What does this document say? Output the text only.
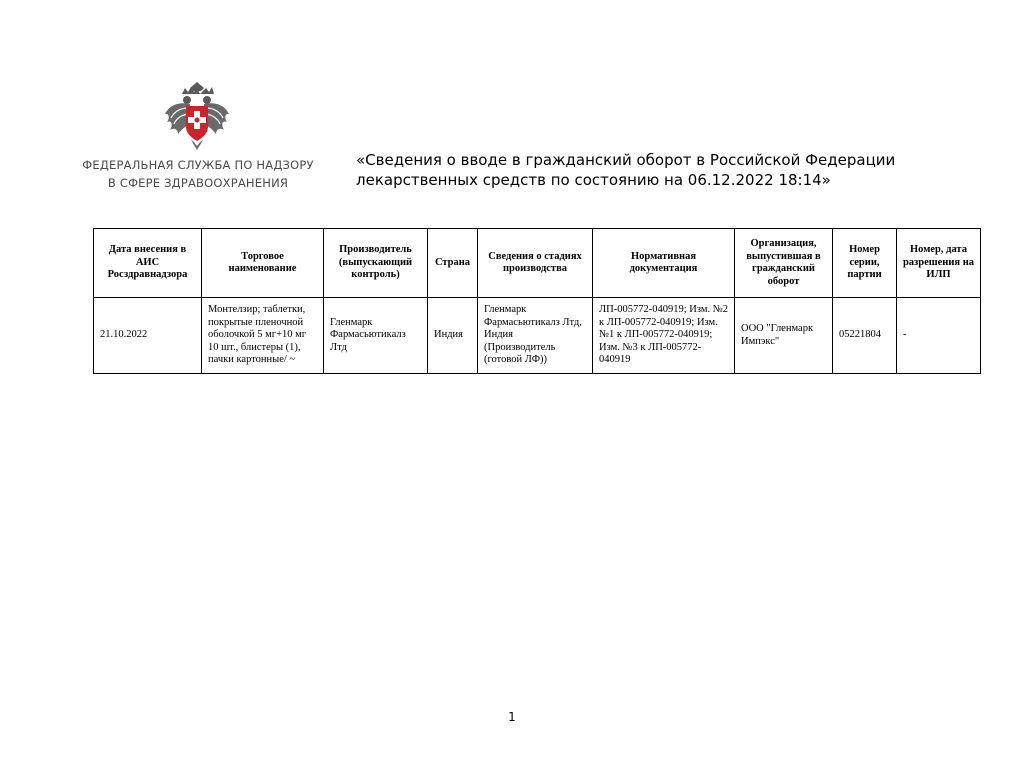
ФЕДЕРАЛЬНАЯ СЛУЖБА ПО НАДЗОРУ
В СФЕРЕ ЗДРАВООХРАНЕНИЯ
«Сведения о вводе в гражданский оборот в Российской Федерации
лекарственных средств по состоянию на 06.12.2022 18:14»
Дата внесения в АИС Росздравнадзора	Торговое наименование	Производитель (выпускающий контроль)	Страна	Сведения о стадиях производства	Нормативная документация	Организация, выпустившая в гражданский оборот	Номер серии, партии	Номер, дата разрешения на ИЛП
21.10.2022	Монтелзир; таблетки, покрытые пленочной оболочкой 5 мг+10 мг 10 шт., блистеры (1), пачки картонные/ ~	Гленмарк Фармасьютикалз Лтд	Индия	Гленмарк Фармасьютикалз Лтд, Индия (Производитель (готовой ЛФ))	ЛП-005772-040919; Изм. №2 к ЛП-005772-040919; Изм. №1 к ЛП-005772-040919; Изм. №3 к ЛП-005772-040919	ООО "Гленмарк Импэкс"	05221804	-
1
